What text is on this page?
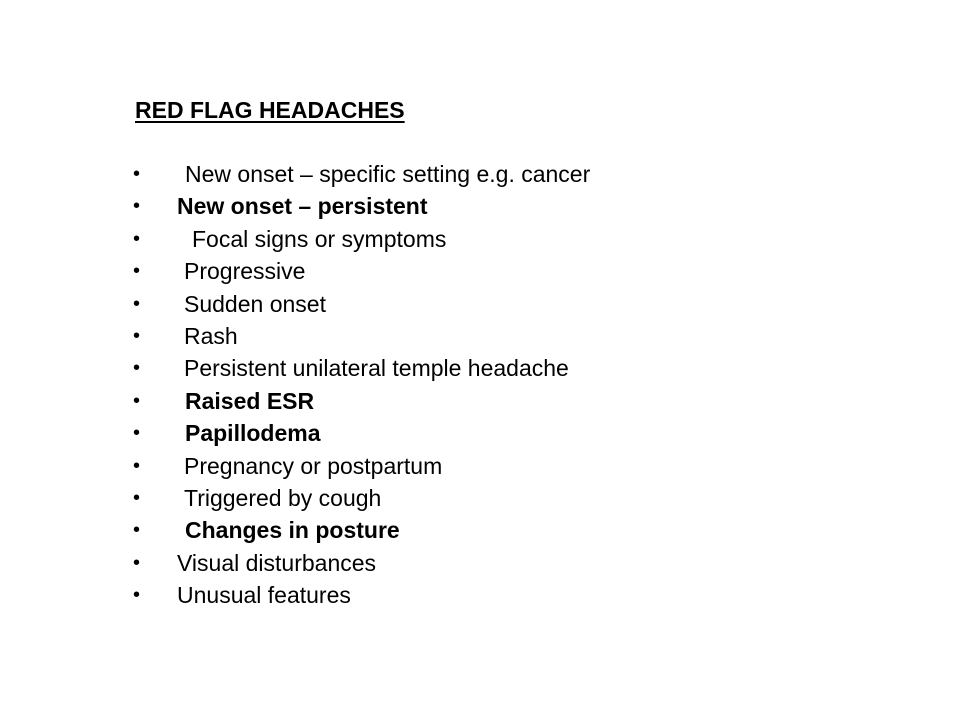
RED FLAG HEADACHES

•

New onset – specific setting e.g. cancer

•

New onset – persistent

•

Focal signs or symptoms

•

Progressive

•

Sudden onset

•

Rash

•

Persistent unilateral temple headache

•

Raised ESR

•

Papillodema

•

Pregnancy or postpartum

•

Triggered by cough

•

Changes in posture

•

Visual disturbances

•

Unusual features
